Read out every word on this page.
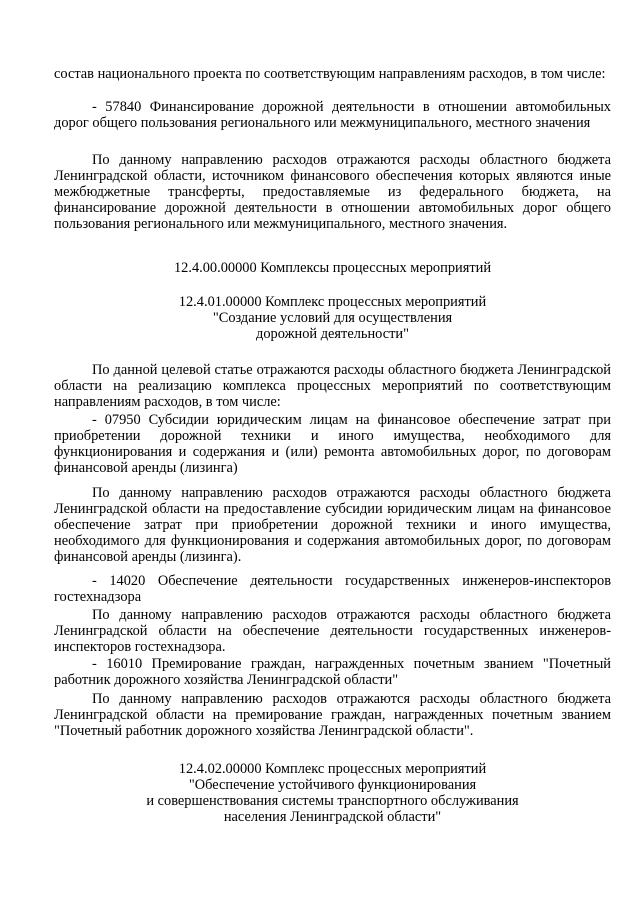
состав национального проекта по соответствующим направлениям расходов, в том числе:

- 57840 Финансирование дорожной деятельности в отношении автомобильных дорог общего пользования регионального или межмуниципального, местного значения

По данному направлению расходов отражаются расходы областного бюджета Ленинградской области, источником финансового обеспечения которых являются иные межбюджетные трансферты, предоставляемые из федерального бюджета, на финансирование дорожной деятельности в отношении автомобильных дорог общего пользования регионального или межмуниципального, местного значения.

12.4.00.00000 Комплексы процессных мероприятий

12.4.01.00000 Комплекс процессных мероприятий
"Создание условий для осуществления
дорожной деятельности"

По данной целевой статье отражаются расходы областного бюджета Ленинградской области на реализацию комплекса процессных мероприятий по соответствующим направлениям расходов, в том числе:

- 07950 Субсидии юридическим лицам на финансовое обеспечение затрат при приобретении дорожной техники и иного имущества, необходимого для функционирования и содержания и (или) ремонта автомобильных дорог, по договорам финансовой аренды (лизинга)

По данному направлению расходов отражаются расходы областного бюджета Ленинградской области на предоставление субсидии юридическим лицам на финансовое обеспечение затрат при приобретении дорожной техники и иного имущества, необходимого для функционирования и содержания автомобильных дорог, по договорам финансовой аренды (лизинга).

- 14020 Обеспечение деятельности государственных инженеров-инспекторов гостехнадзора

По данному направлению расходов отражаются расходы областного бюджета Ленинградской области на обеспечение деятельности государственных инженеров-инспекторов гостехнадзора.

- 16010 Премирование граждан, награжденных почетным званием "Почетный работник дорожного хозяйства Ленинградской области"

По данному направлению расходов отражаются расходы областного бюджета Ленинградской области на премирование граждан, награжденных почетным званием "Почетный работник дорожного хозяйства Ленинградской области".

12.4.02.00000 Комплекс процессных мероприятий
"Обеспечение устойчивого функционирования
и совершенствования системы транспортного обслуживания
населения Ленинградской области"
